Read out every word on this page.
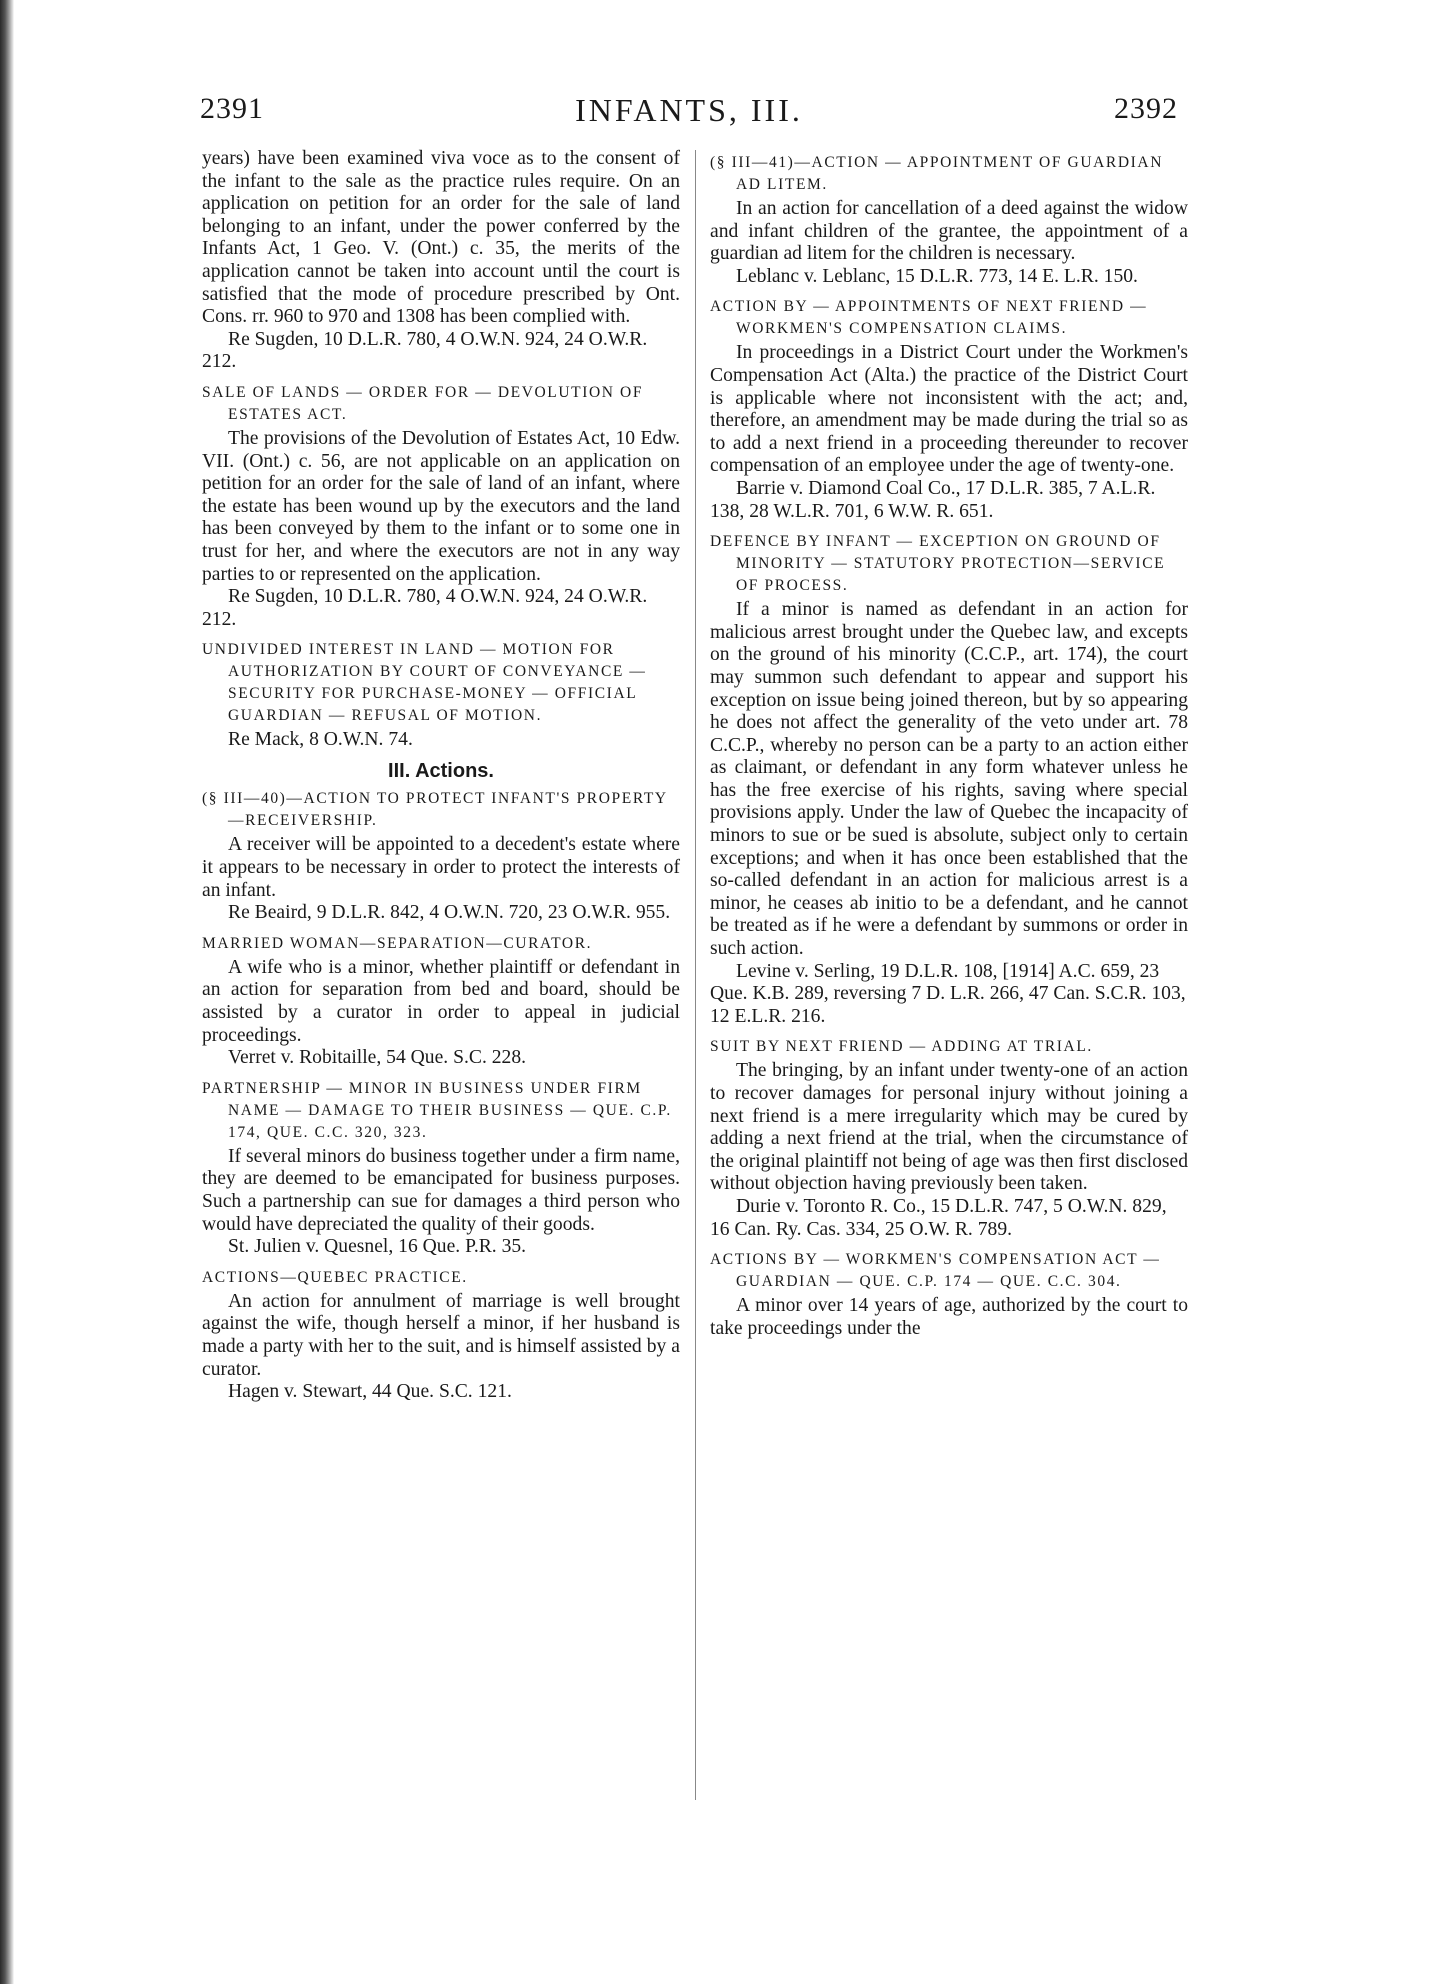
2391	INFANTS, III.	2392

years) have been examined viva voce as to the consent of the infant to the sale as the practice rules require. On an application on petition for an order for the sale of land belonging to an infant, under the power conferred by the Infants Act, 1 Geo. V. (Ont.) c. 35, the merits of the application cannot be taken into account until the court is satisfied that the mode of procedure prescribed by Ont. Cons. rr. 960 to 970 and 1308 has been complied with.

Re Sugden, 10 D.L.R. 780, 4 O.W.N. 924, 24 O.W.R. 212.

SALE OF LANDS — ORDER FOR — DEVOLUTION OF ESTATES ACT.

The provisions of the Devolution of Estates Act, 10 Edw. VII. (Ont.) c. 56, are not applicable on an application on petition for an order for the sale of land of an infant, where the estate has been wound up by the executors and the land has been conveyed by them to the infant or to some one in trust for her, and where the executors are not in any way parties to or represented on the application.

Re Sugden, 10 D.L.R. 780, 4 O.W.N. 924, 24 O.W.R. 212.

UNDIVIDED INTEREST IN LAND — MOTION FOR AUTHORIZATION BY COURT OF CONVEYANCE — SECURITY FOR PURCHASE-MONEY — OFFICIAL GUARDIAN — REFUSAL OF MOTION.

Re Mack, 8 O.W.N. 74.

III. Actions.

(§ III—40)—ACTION TO PROTECT INFANT'S PROPERTY—RECEIVERSHIP.

A receiver will be appointed to a decedent's estate where it appears to be necessary in order to protect the interests of an infant.

Re Beaird, 9 D.L.R. 842, 4 O.W.N. 720, 23 O.W.R. 955.

MARRIED WOMAN—SEPARATION—CURATOR.

A wife who is a minor, whether plaintiff or defendant in an action for separation from bed and board, should be assisted by a curator in order to appeal in judicial proceedings.

Verret v. Robitaille, 54 Que. S.C. 228.

PARTNERSHIP — MINOR IN BUSINESS UNDER FIRM NAME — DAMAGE TO THEIR BUSINESS — QUE. C.P. 174, QUE. C.C. 320, 323.

If several minors do business together under a firm name, they are deemed to be emancipated for business purposes. Such a partnership can sue for damages a third person who would have depreciated the quality of their goods.

St. Julien v. Quesnel, 16 Que. P.R. 35.

ACTIONS—QUEBEC PRACTICE.

An action for annulment of marriage is well brought against the wife, though herself a minor, if her husband is made a party with her to the suit, and is himself assisted by a curator.

Hagen v. Stewart, 44 Que. S.C. 121.

(§ III—41)—ACTION — APPOINTMENT OF GUARDIAN AD LITEM.

In an action for cancellation of a deed against the widow and infant children of the grantee, the appointment of a guardian ad litem for the children is necessary.

Leblanc v. Leblanc, 15 D.L.R. 773, 14 E. L.R. 150.

ACTION BY — APPOINTMENTS OF NEXT FRIEND — WORKMEN'S COMPENSATION CLAIMS.

In proceedings in a District Court under the Workmen's Compensation Act (Alta.) the practice of the District Court is applicable where not inconsistent with the act; and, therefore, an amendment may be made during the trial so as to add a next friend in a proceeding thereunder to recover compensation of an employee under the age of twenty-one.

Barrie v. Diamond Coal Co., 17 D.L.R. 385, 7 A.L.R. 138, 28 W.L.R. 701, 6 W.W. R. 651.

DEFENCE BY INFANT — EXCEPTION ON GROUND OF MINORITY — STATUTORY PROTECTION—SERVICE OF PROCESS.

If a minor is named as defendant in an action for malicious arrest brought under the Quebec law, and excepts on the ground of his minority (C.C.P., art. 174), the court may summon such defendant to appear and support his exception on issue being joined thereon, but by so appearing he does not affect the generality of the veto under art. 78 C.C.P., whereby no person can be a party to an action either as claimant, or defendant in any form whatever unless he has the free exercise of his rights, saving where special provisions apply. Under the law of Quebec the incapacity of minors to sue or be sued is absolute, subject only to certain exceptions; and when it has once been established that the so-called defendant in an action for malicious arrest is a minor, he ceases ab initio to be a defendant, and he cannot be treated as if he were a defendant by summons or order in such action.

Levine v. Serling, 19 D.L.R. 108, [1914] A.C. 659, 23 Que. K.B. 289, reversing 7 D. L.R. 266, 47 Can. S.C.R. 103, 12 E.L.R. 216.

SUIT BY NEXT FRIEND — ADDING AT TRIAL.

The bringing, by an infant under twenty-one of an action to recover damages for personal injury without joining a next friend is a mere irregularity which may be cured by adding a next friend at the trial, when the circumstance of the original plaintiff not being of age was then first disclosed without objection having previously been taken.

Durie v. Toronto R. Co., 15 D.L.R. 747, 5 O.W.N. 829, 16 Can. Ry. Cas. 334, 25 O.W. R. 789.

ACTIONS BY — WORKMEN'S COMPENSATION ACT — GUARDIAN — QUE. C.P. 174 — QUE. C.C. 304.

A minor over 14 years of age, authorized by the court to take proceedings under the
